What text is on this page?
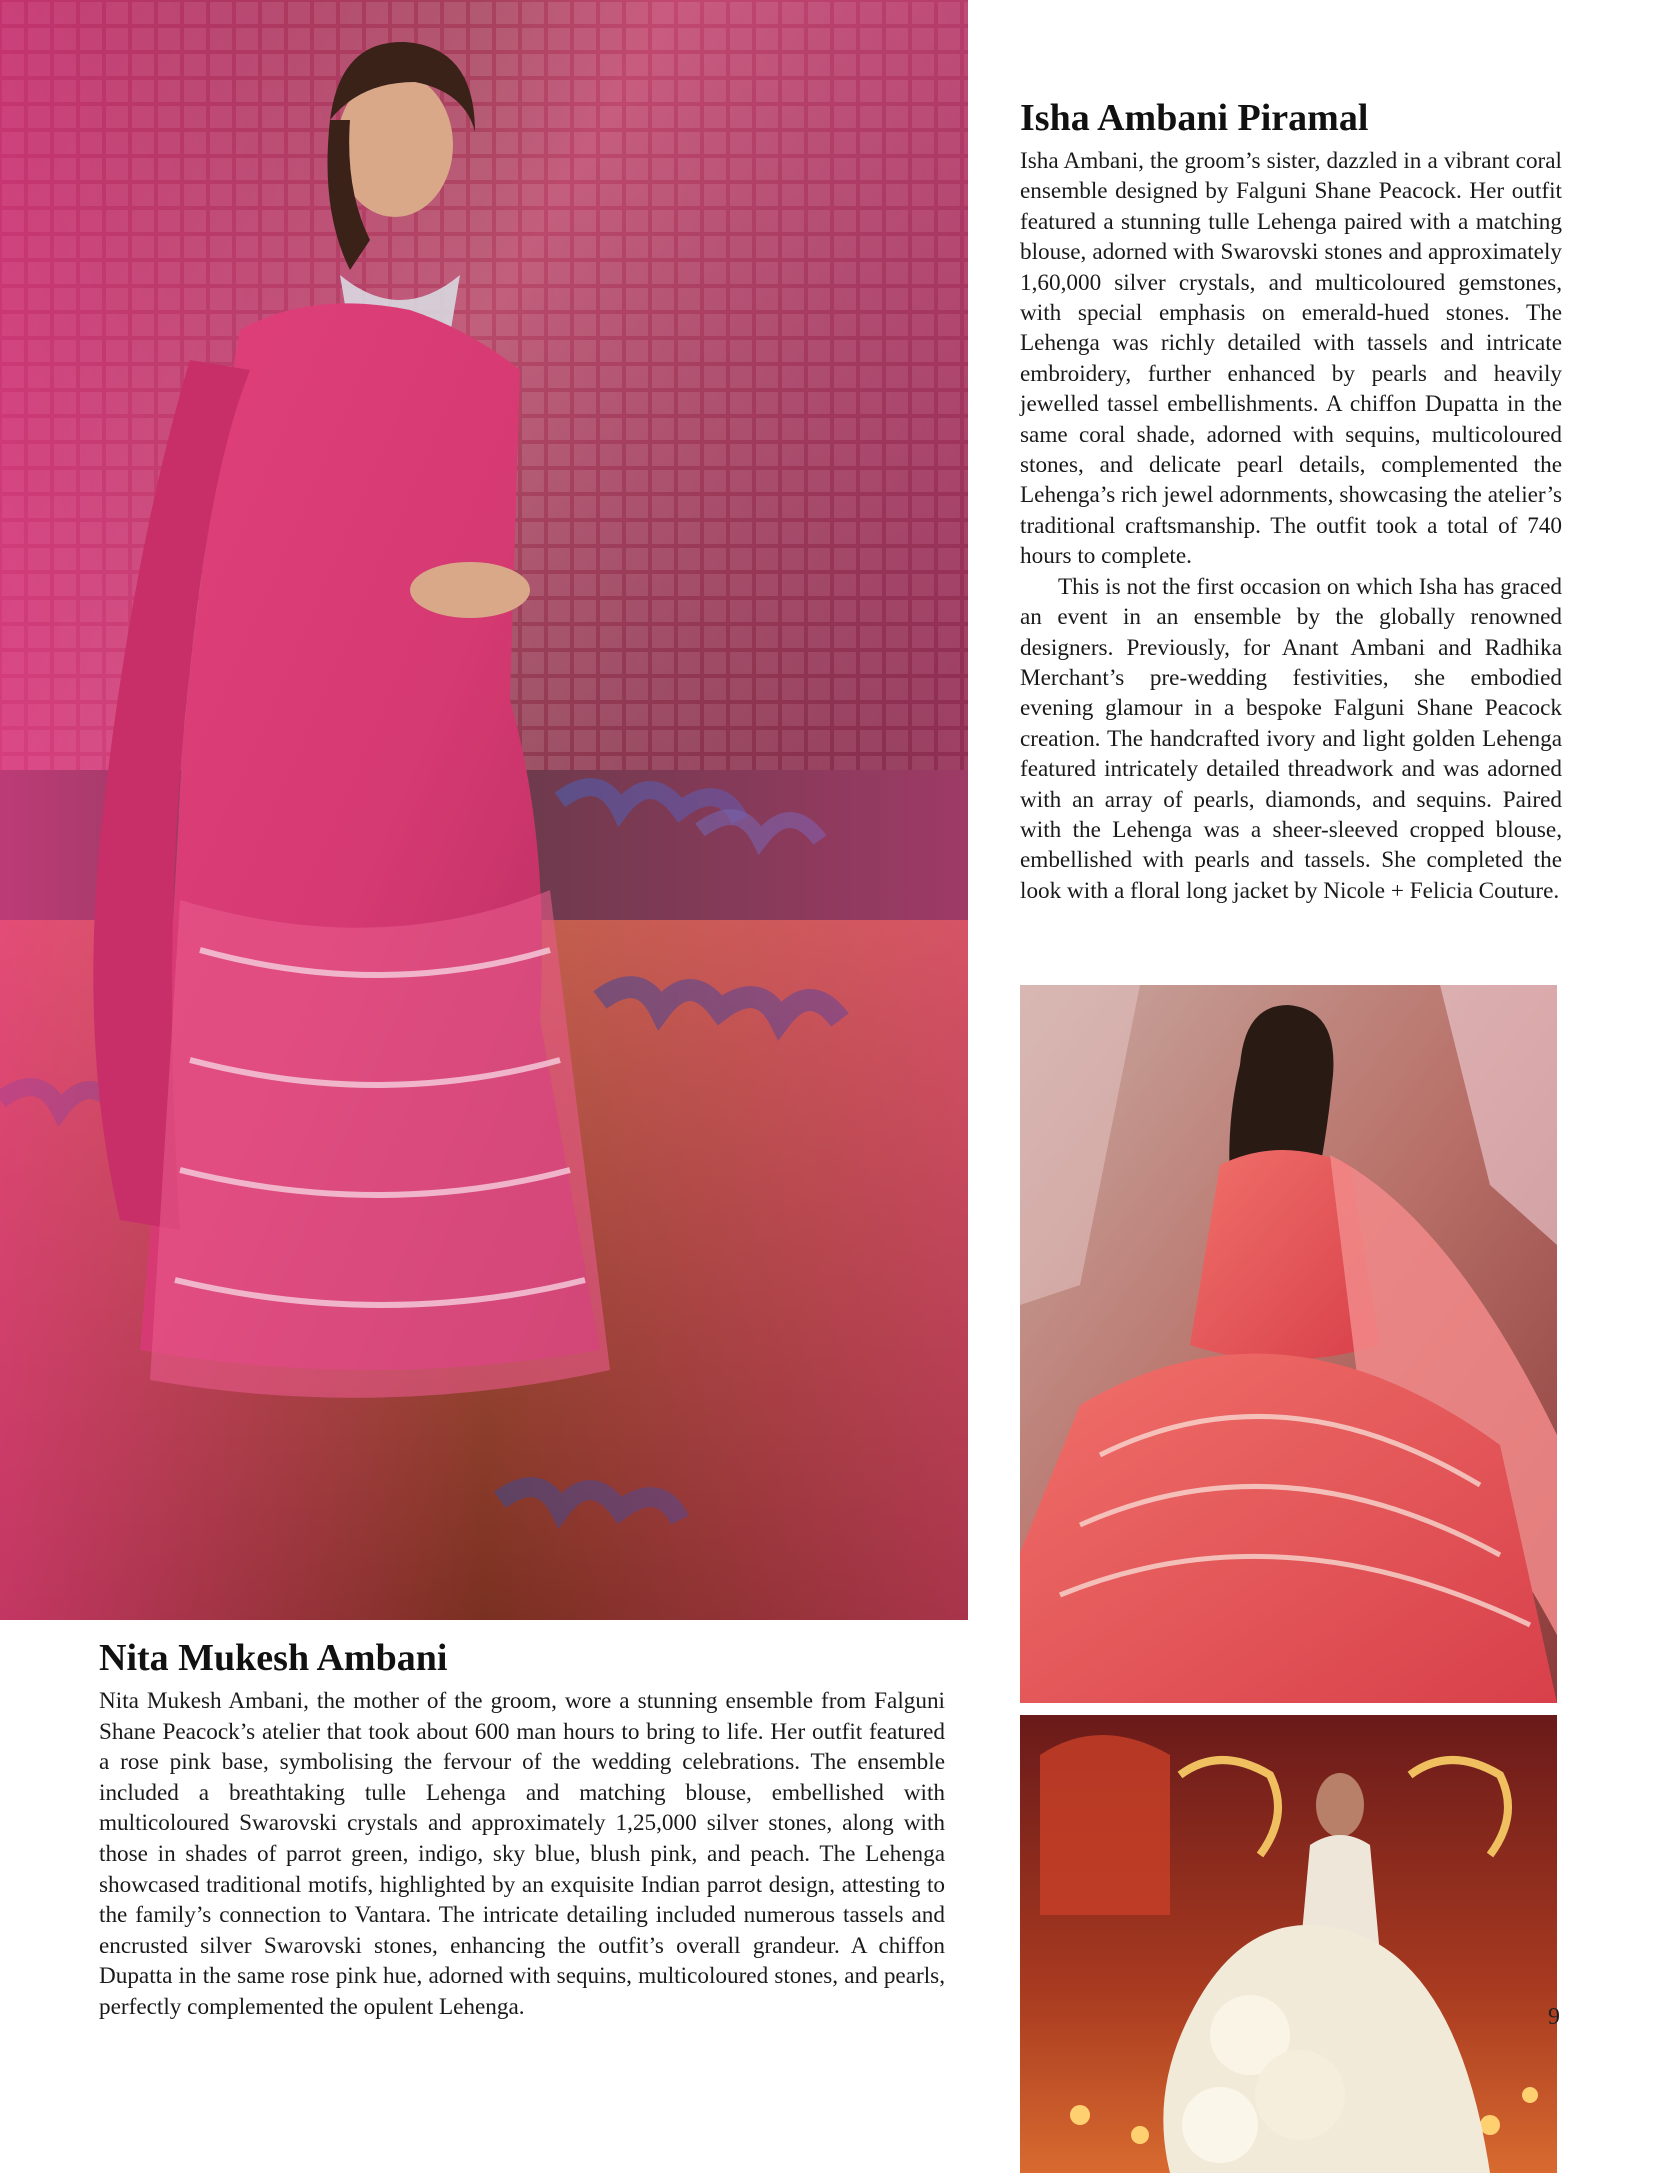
Isha Ambani Piramal

Isha Ambani, the groom’s sister, dazzled in a vibrant coral ensemble designed by Falguni Shane Peacock. Her outfit featured a stunning tulle Lehenga paired with a matching blouse, adorned with Swarovski stones and approximately 1,60,000 silver crystals, and multicoloured gemstones, with special emphasis on emerald-hued stones. The Lehenga was richly detailed with tassels and intricate embroidery, further enhanced by pearls and heavily jewelled tassel embellishments. A chiffon Dupatta in the same coral shade, adorned with sequins, multicoloured stones, and delicate pearl details, complemented the Lehenga’s rich jewel adornments, showcasing the atelier’s traditional craftsmanship. The outfit took a total of 740 hours to complete.

This is not the first occasion on which Isha has graced an event in an ensemble by the globally renowned designers. Previously, for Anant Ambani and Radhika Merchant’s pre-wedding festivities, she embodied evening glamour in a bespoke Falguni Shane Peacock creation. The handcrafted ivory and light golden Lehenga featured intricately detailed threadwork and was adorned with an array of pearls, diamonds, and sequins. Paired with the Lehenga was a sheer-sleeved cropped blouse, embellished with pearls and tassels. She completed the look with a floral long jacket by Nicole + Felicia Couture.

Nita Mukesh Ambani

Nita Mukesh Ambani, the mother of the groom, wore a stunning ensemble from Falguni Shane Peacock’s atelier that took about 600 man hours to bring to life. Her outfit featured a rose pink base, symbolising the fervour of the wedding celebrations. The ensemble included a breathtaking tulle Lehenga and matching blouse, embellished with multicoloured Swarovski crystals and approximately 1,25,000 silver stones, along with those in shades of parrot green, indigo, sky blue, blush pink, and peach. The Lehenga showcased traditional motifs, highlighted by an exquisite Indian parrot design, attesting to the family’s connection to Vantara. The intricate detailing included numerous tassels and encrusted silver Swarovski stones, enhancing the outfit’s overall grandeur. A chiffon Dupatta in the same rose pink hue, adorned with sequins, multicoloured stones, and pearls, perfectly complemented the opulent Lehenga.	9
